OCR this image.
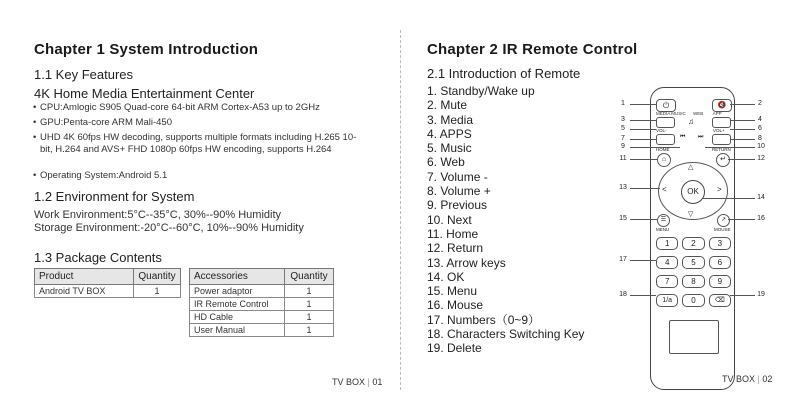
Chapter 1 System Introduction
1.1 Key Features
4K Home Media Entertainment Center
• CPU:Amlogic S905 Quad-core 64-bit ARM Cortex-A53 up to 2GHz
• GPU:Penta-core ARM Mali-450
• UHD 4K 60fps HW decoding, supports multiple formats including H.265 10-bit, H.264 and AVS+ FHD 1080p 60fps HW encoding, supports H.264
• Operating System:Android 5.1
1.2 Environment for System
Work Environment:5°C--35°C, 30%--90% Humidity
Storage Environment:-20°C--60°C, 10%--90% Humidity
1.3 Package Contents
Product	Quantity
Android TV BOX	1
Accessories	Quantity
Power adaptor	1
IR Remote Control	1
HD Cable	1
User Manual	1
TV BOX | 01
Chapter 2 IR Remote Control
2.1 Introduction of Remote
1. Standby/Wake up
2. Mute
3. Media
4. APPS
5. Music
6. Web
7. Volume -
8. Volume +
9. Previous
10. Next
11. Home
12. Return
13. Arrow keys
14. OK
15. Menu
16. Mouse
17. Numbers（0~9）
18. Characters Switching Key
19. Delete
⏻	🔇
MEDIA MUSIC WEB APP
♫
VOL-	VOL+
⏮ ⏭
HOME	RETURN
⌂	↵
△
▽
<	>
OK
☰	↗
MENU	MOUSE
1	2	3
4	5	6
7	8	9
1/a	0	⌫
1	2
3	4
5	6
7	8
9	10
11	12
13
14
15	16
17
18	19
TV BOX | 02
